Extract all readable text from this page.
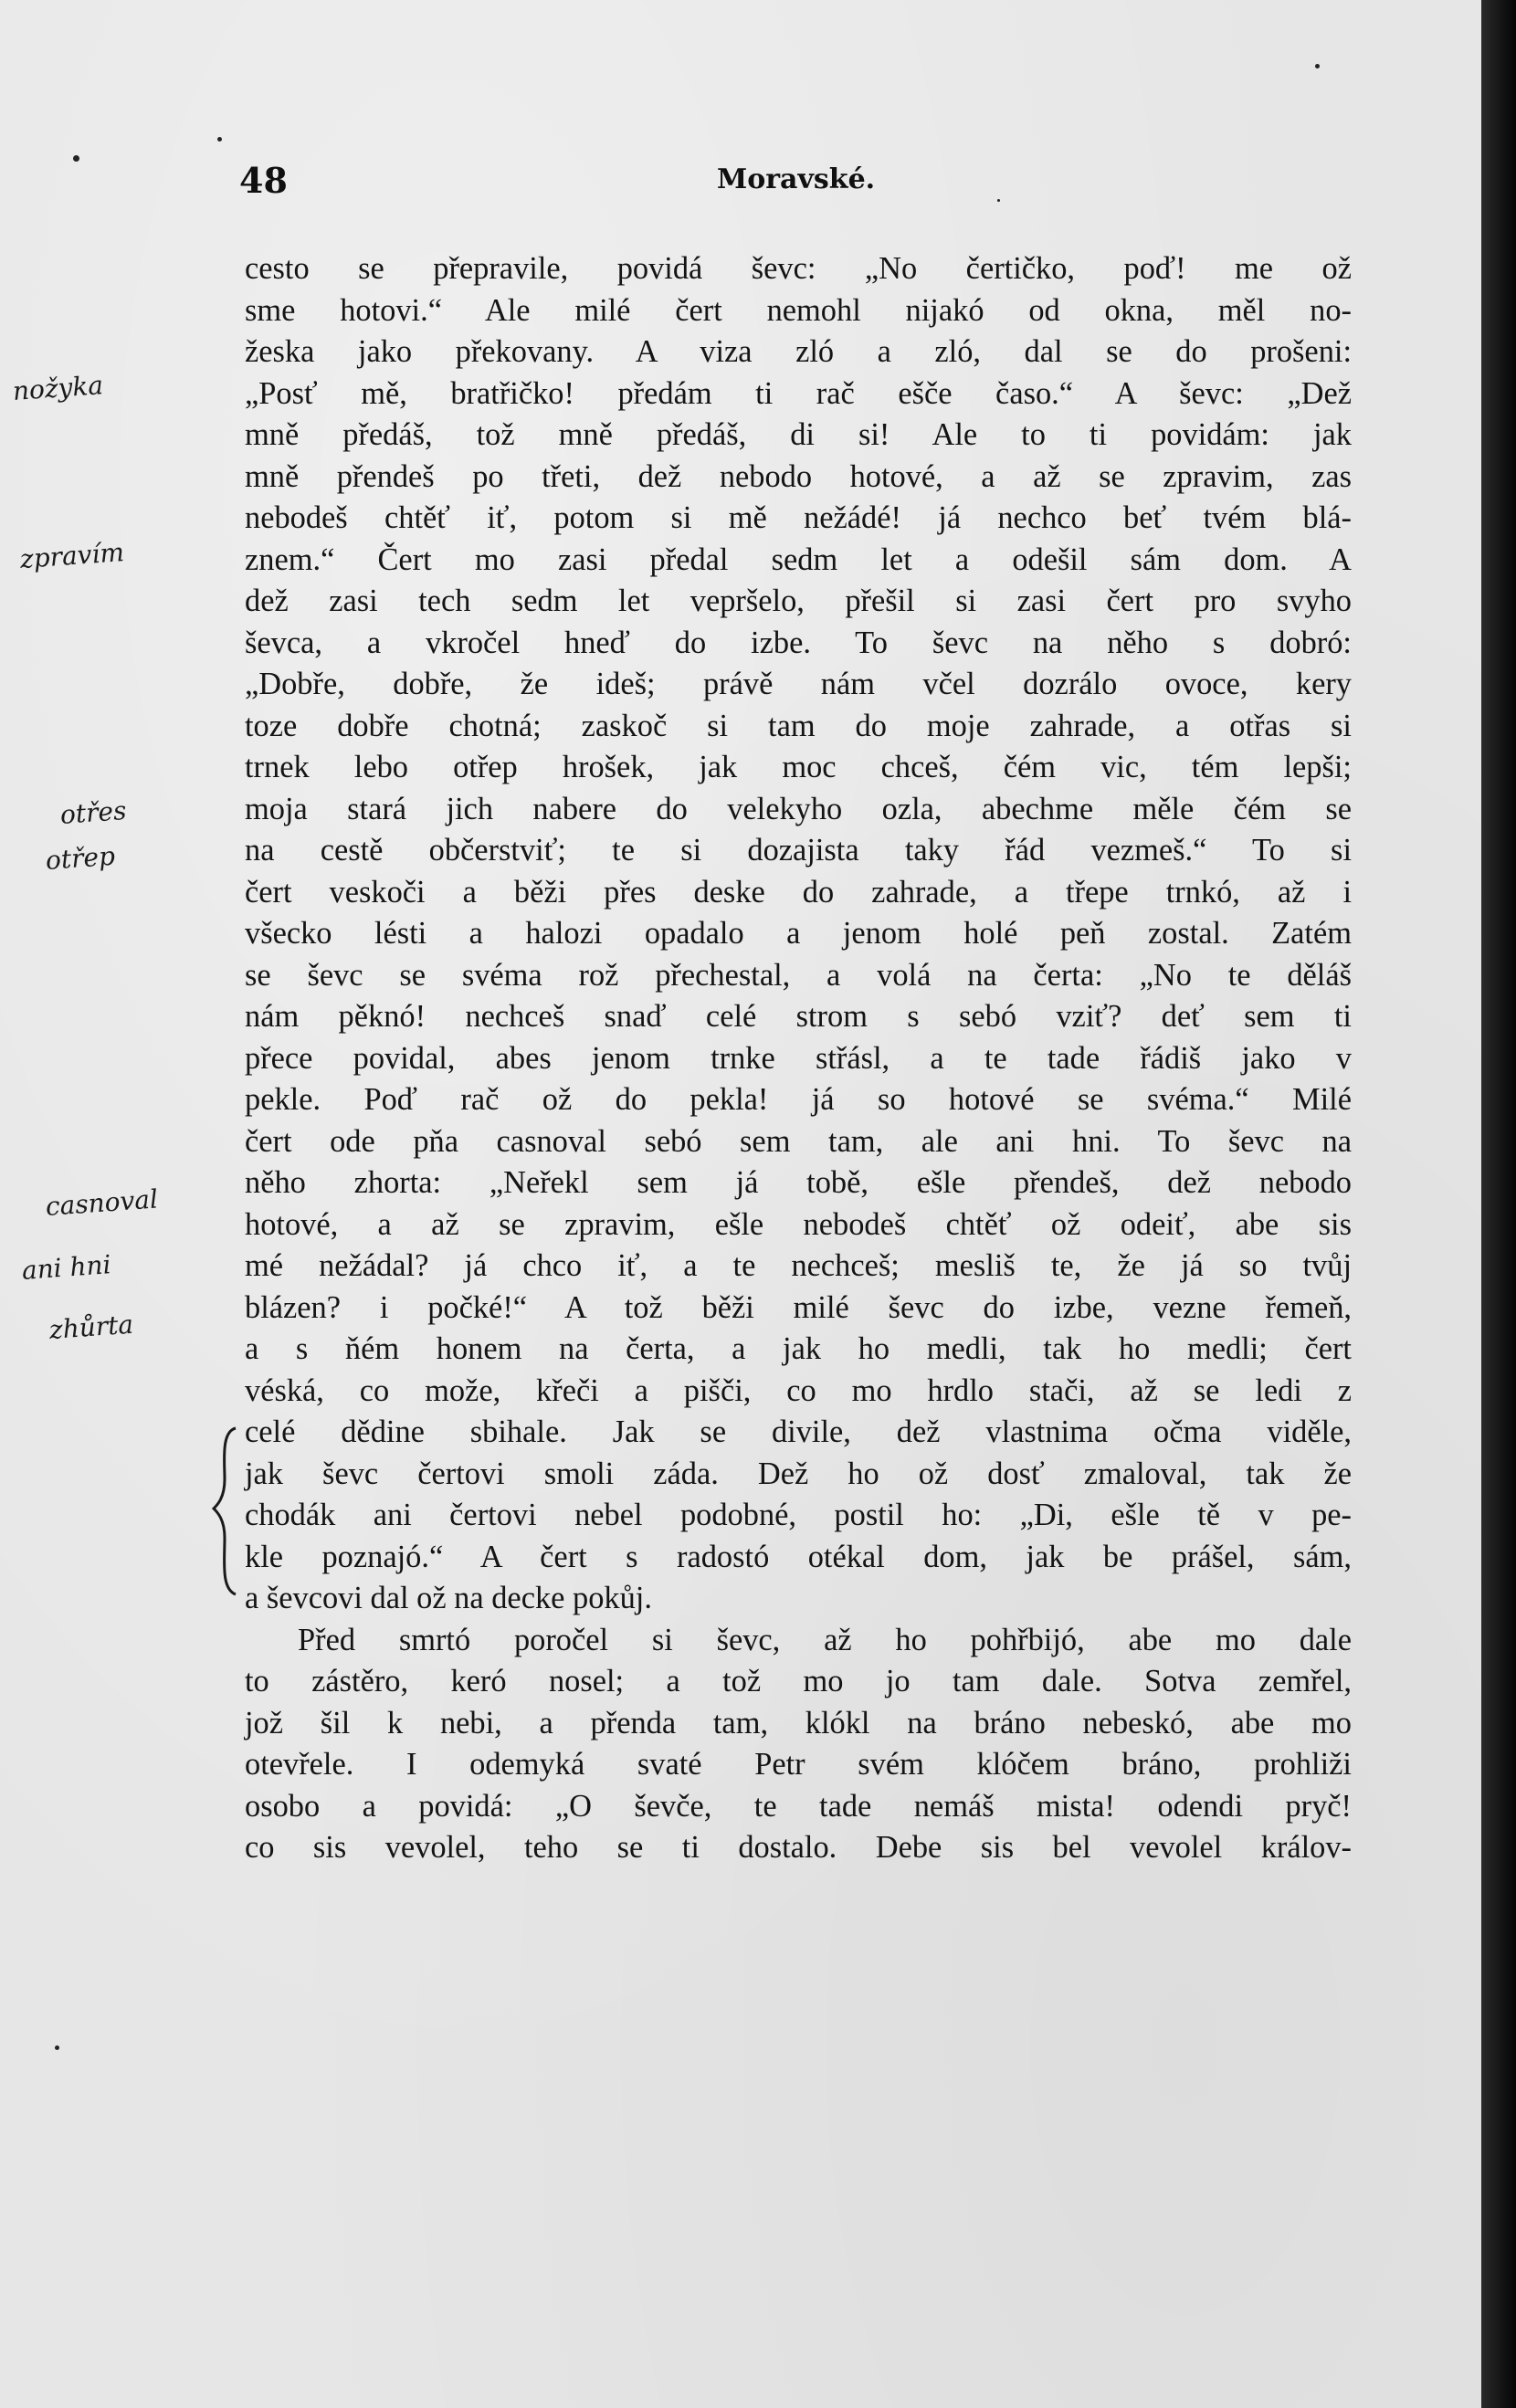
48	Moravské.
cesto se přepravile, povidá ševc: „No čertičko, poď! me ož
sme hotovi.“ Ale milé čert nemohl nijakó od okna, měl no-
žeska jako překovany. A viza zló a zló, dal se do prošeni:
„Posť mě, bratřičko! předám ti rač ešče časo.“ A ševc: „Dež
mně předáš, tož mně předáš, di si! Ale to ti povidám: jak
mně přendeš po třeti, dež nebodo hotové, a až se zpravim, zas
nebodeš chtěť iť, potom si mě nežádé! já nechco beť tvém blá-
znem.“ Čert mo zasi předal sedm let a odešil sám dom. A
dež zasi tech sedm let vepršelo, přešil si zasi čert pro svyho
ševca, a vkročel hneď do izbe. To ševc na něho s dobró:
„Dobře, dobře, že ideš; právě nám včel dozrálo ovoce, kery
toze dobře chotná; zaskoč si tam do moje zahrade, a otřas si
trnek lebo otřep hrošek, jak moc chceš, čém vic, tém lepši;
moja stará jich nabere do velekyho ozla, abechme měle čém se
na cestě občerstviť; te si dozajista taky řád vezmeš.“ To si
čert veskoči a běži přes deske do zahrade, a třepe trnkó, až i
všecko lésti a halozi opadalo a jenom holé peň zostal. Zatém
se ševc se svéma rož přechestal, a volá na čerta: „No te děláš
nám pěknó! nechceš snaď celé strom s sebó vziť? deť sem ti
přece povidal, abes jenom trnke střásl, a te tade řádiš jako v
pekle. Poď rač ož do pekla! já so hotové se svéma.“ Milé
čert ode pňa casnoval sebó sem tam, ale ani hni. To ševc na
něho zhorta: „Neřekl sem já tobě, ešle přendeš, dež nebodo
hotové, a až se zpravim, ešle nebodeš chtěť ož odeiť, abe sis
mé nežádal? já chco iť, a te nechceš; mesliš te, že já so tvůj
blázen? i počké!“ A tož běži milé ševc do izbe, vezne řemeň,
a s ňém honem na čerta, a jak ho medli, tak ho medli; čert
véská, co može, křeči a pišči, co mo hrdlo stači, až se ledi z
celé dědine sbihale. Jak se divile, dež vlastnima očma viděle,
jak ševc čertovi smoli záda. Dež ho ož dosť zmaloval, tak že
chodák ani čertovi nebel podobné, postil ho: „Di, ešle tě v pe-
kle poznajó.“ A čert s radostó otékal dom, jak be prášel, sám,
a ševcovi dal ož na decke pokůj.
Před smrtó poročel si ševc, až ho pohřbijó, abe mo dale
to zástěro, keró nosel; a tož mo jo tam dale. Sotva zemřel,
jož šil k nebi, a přenda tam, klókl na bráno nebeskó, abe mo
otevřele. I odemyká svaté Petr svém klóčem bráno, prohliži
osobo a povidá: „O ševče, te tade nemáš mista! odendi pryč!
co sis vevolel, teho se ti dostalo. Debe sis bel vevolel králov-
nožyka
zpravím
otřes
otřep
casnoval
ani hni
zhůrta
